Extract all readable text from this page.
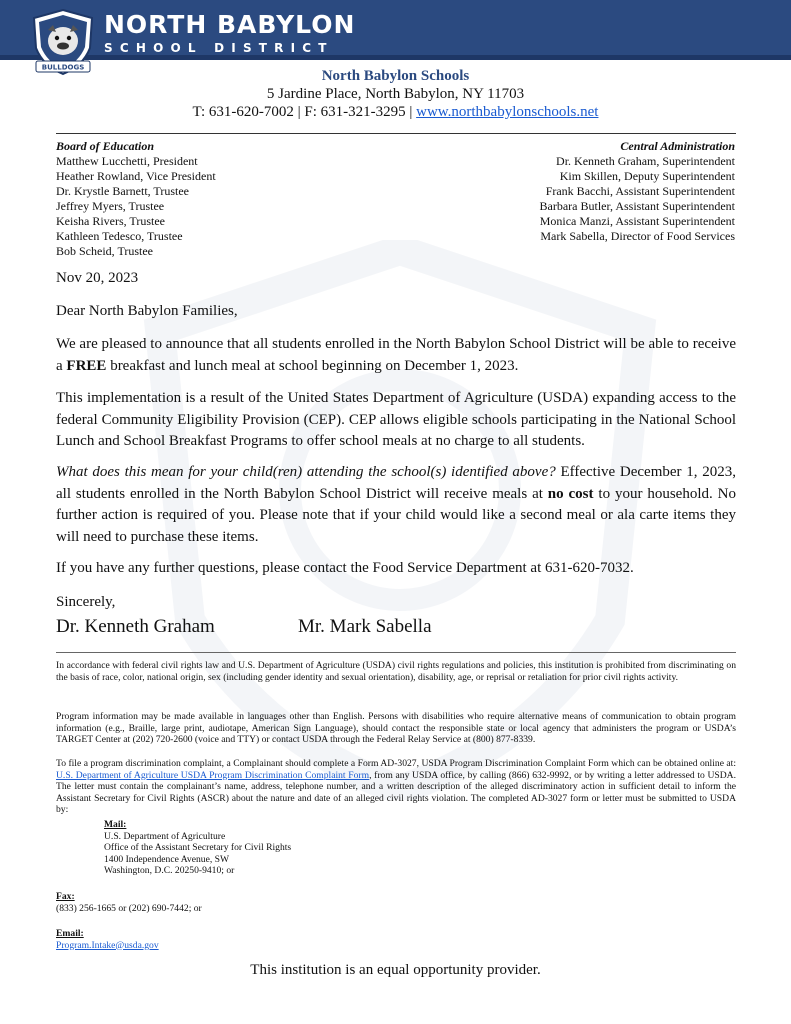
BULLDOGS
NORTH BABYLON
SCHOOL DISTRICT
North Babylon Schools
5 Jardine Place, North Babylon, NY 11703
T: 631-620-7002 | F: 631-321-3295 | www.northbabylonschools.net
Board of Education
Matthew Lucchetti, President
Heather Rowland, Vice President
Dr. Krystle Barnett, Trustee
Jeffrey Myers, Trustee
Keisha Rivers, Trustee
Kathleen Tedesco, Trustee
Bob Scheid, Trustee
Central Administration
Dr. Kenneth Graham, Superintendent
Kim Skillen, Deputy Superintendent
Frank Bacchi, Assistant Superintendent
Barbara Butler, Assistant Superintendent
Monica Manzi, Assistant Superintendent
Mark Sabella, Director of Food Services

Nov 20, 2023

Dear North Babylon Families,

We are pleased to announce that all students enrolled in the North Babylon School District will be able to receive a FREE breakfast and lunch meal at school beginning on December 1, 2023.

This implementation is a result of the United States Department of Agriculture (USDA) expanding access to the federal Community Eligibility Provision (CEP). CEP allows eligible schools participating in the National School Lunch and School Breakfast Programs to offer school meals at no charge to all students.

What does this mean for your child(ren) attending the school(s) identified above? Effective December 1, 2023, all students enrolled in the North Babylon School District will receive meals at no cost to your household. No further action is required of you. Please note that if your child would like a second meal or ala carte items they will need to purchase these items.

If you have any further questions, please contact the Food Service Department at 631-620-7032.

Sincerely,

Dr. Kenneth Graham	Mr. Mark Sabella

In accordance with federal civil rights law and U.S. Department of Agriculture (USDA) civil rights regulations and policies, this institution is prohibited from discriminating on the basis of race, color, national origin, sex (including gender identity and sexual orientation), disability, age, or reprisal or retaliation for prior civil rights activity.

Program information may be made available in languages other than English. Persons with disabilities who require alternative means of communication to obtain program information (e.g., Braille, large print, audiotape, American Sign Language), should contact the responsible state or local agency that administers the program or USDA’s TARGET Center at (202) 720-2600 (voice and TTY) or contact USDA through the Federal Relay Service at (800) 877-8339.

To file a program discrimination complaint, a Complainant should complete a Form AD-3027, USDA Program Discrimination Complaint Form which can be obtained online at: U.S. Department of Agriculture USDA Program Discrimination Complaint Form, from any USDA office, by calling (866) 632-9992, or by writing a letter addressed to USDA. The letter must contain the complainant’s name, address, telephone number, and a written description of the alleged discriminatory action in sufficient detail to inform the Assistant Secretary for Civil Rights (ASCR) about the nature and date of an alleged civil rights violation. The completed AD-3027 form or letter must be submitted to USDA by:

Mail:
U.S. Department of Agriculture
Office of the Assistant Secretary for Civil Rights
1400 Independence Avenue, SW
Washington, D.C. 20250-9410; or
Fax:
(833) 256-1665 or (202) 690-7442; or
Email:
Program.Intake@usda.gov
This institution is an equal opportunity provider.
